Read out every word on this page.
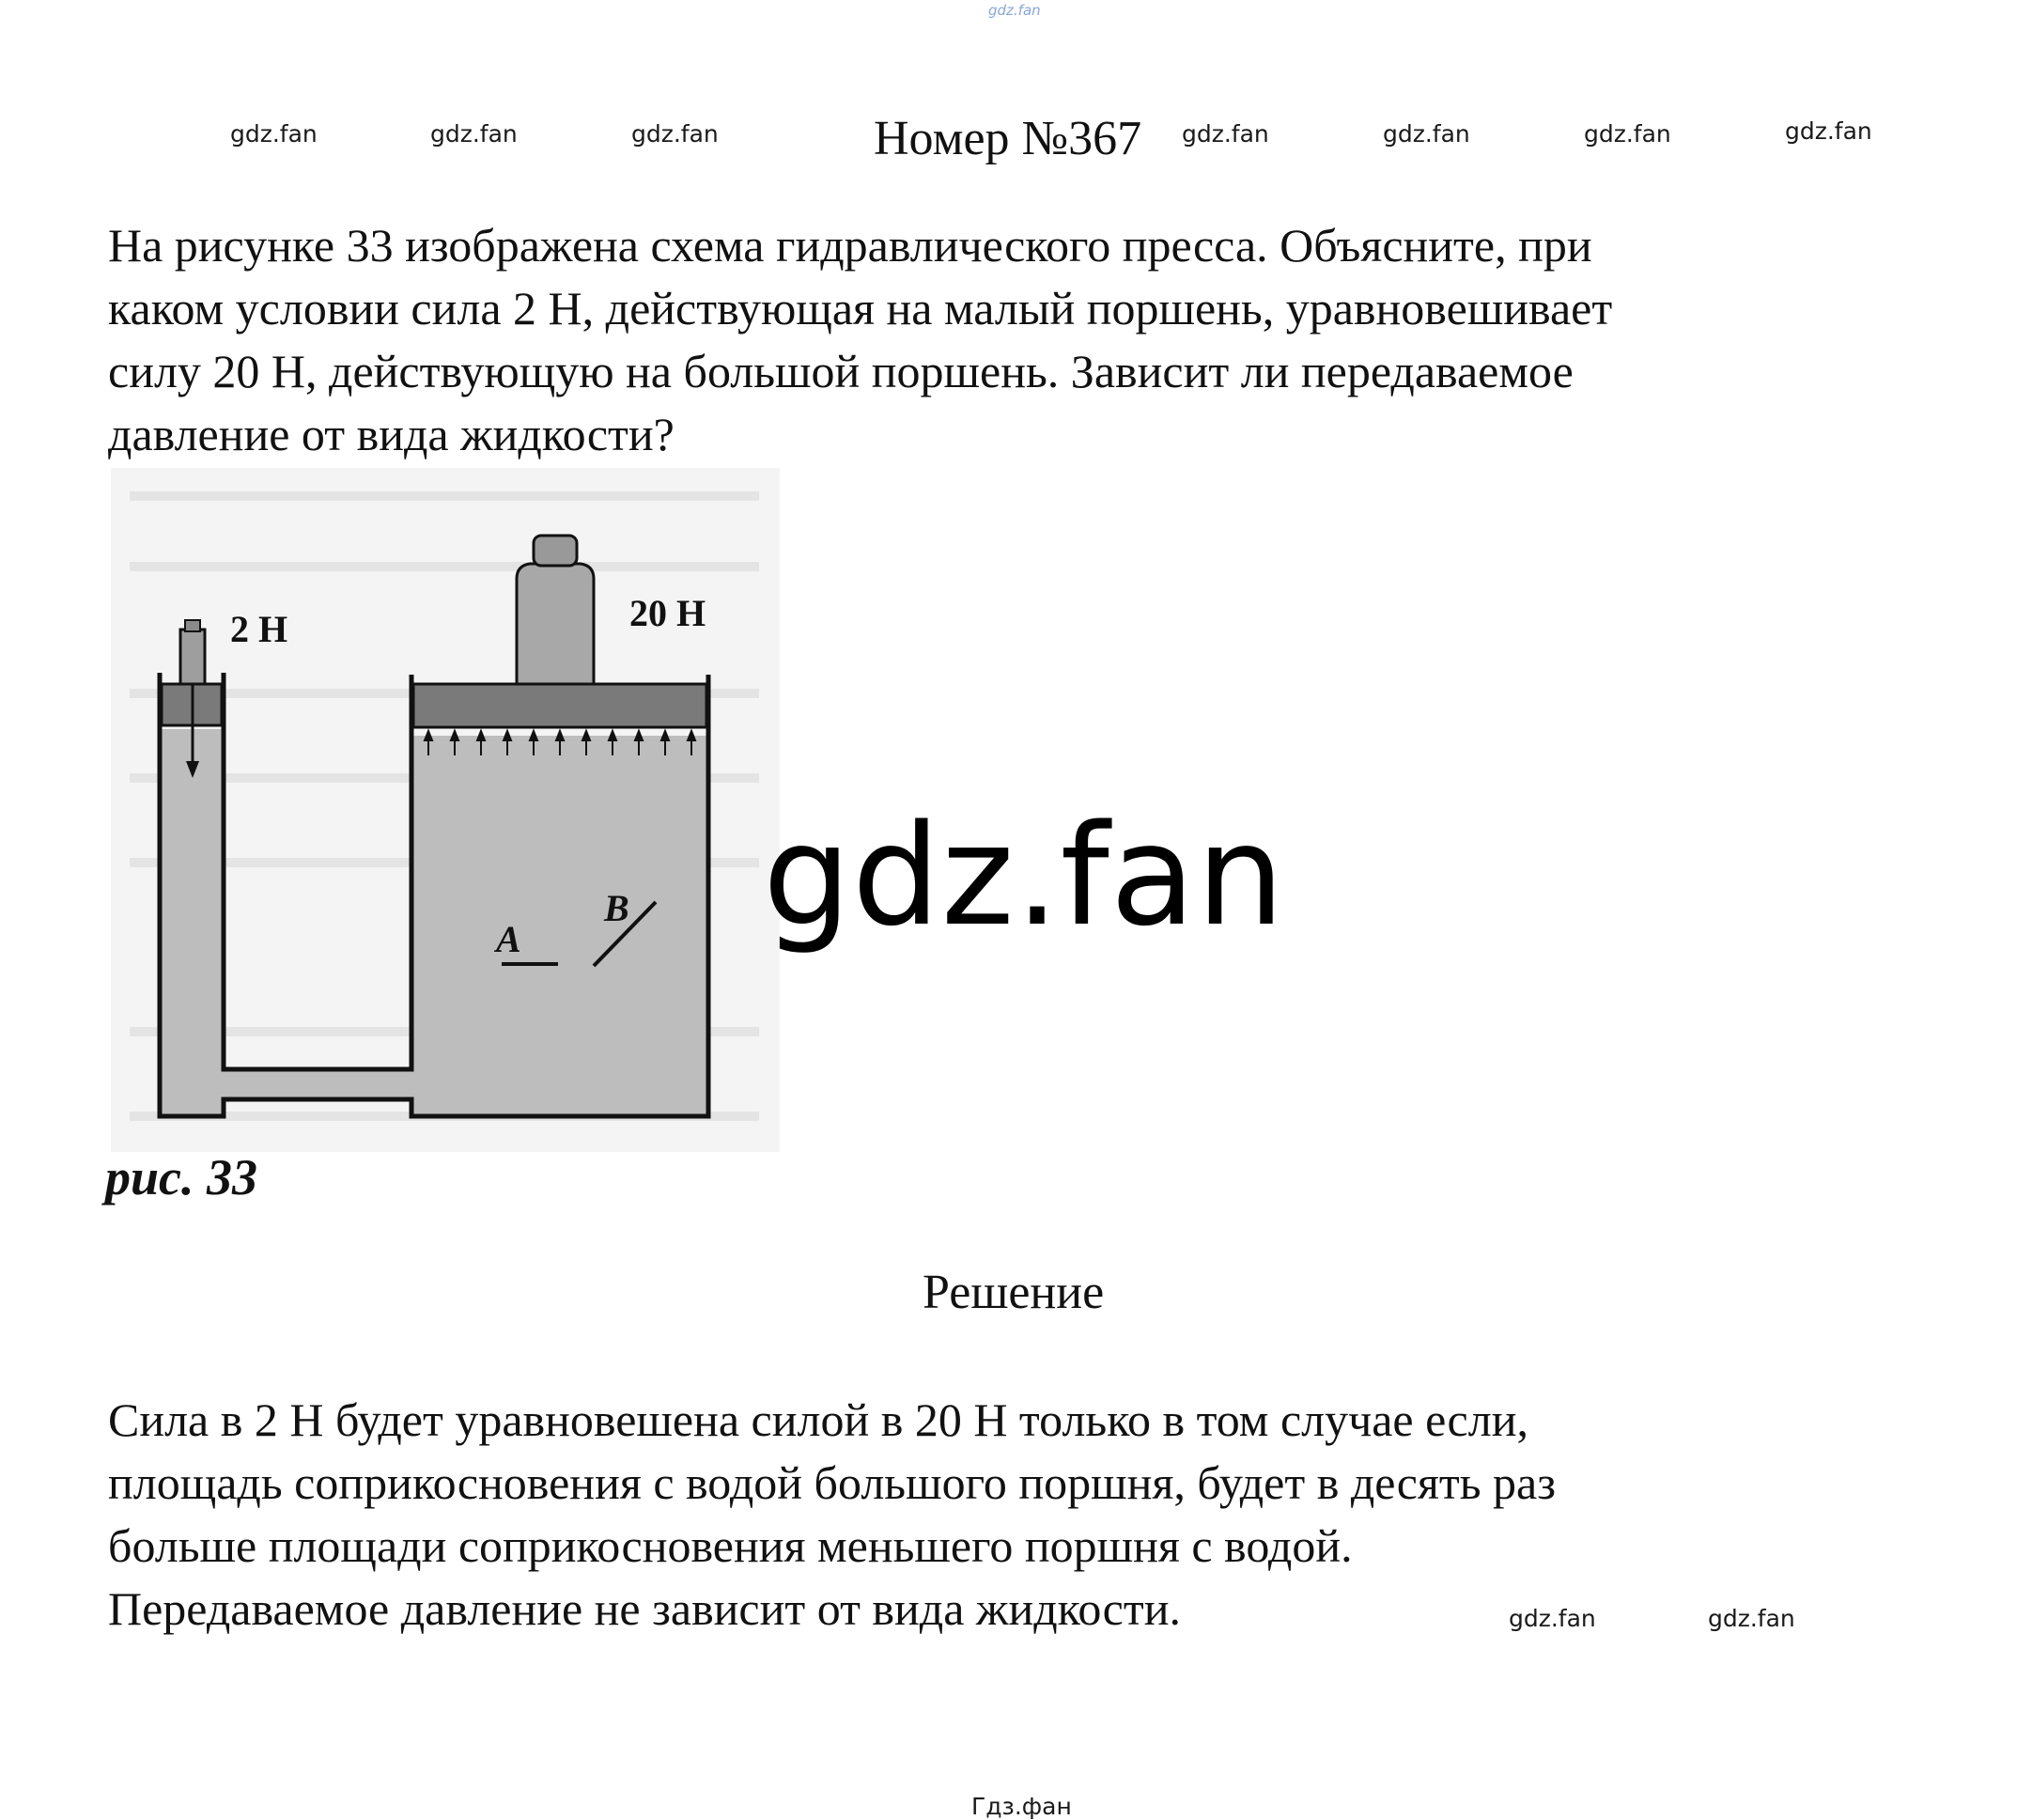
gdz.fan
gdz.fan	gdz.fan	gdz.fan	gdz.fan	gdz.fan	gdz.fan	gdz.fan
Номер №367

На рисунке 33 изображена схема гидравлического пресса. Объясните, при
каком условии сила 2 Н, действующая на малый поршень, уравновешивает
силу 20 Н, действующую на большой поршень. Зависит ли передаваемое
давление от вида жидкости?

2 Н	20 Н
A
B gdz.fan
рис. 33
Решение

Сила в 2 Н будет уравновешена силой в 20 Н только в том случае если,
площадь соприкосновения с водой большого поршня, будет в десять раз
больше площади соприкосновения меньшего поршня с водой.
Передаваемое давление не зависит от вида жидкости.	gdz.fan	gdz.fan
Гдз.фан
